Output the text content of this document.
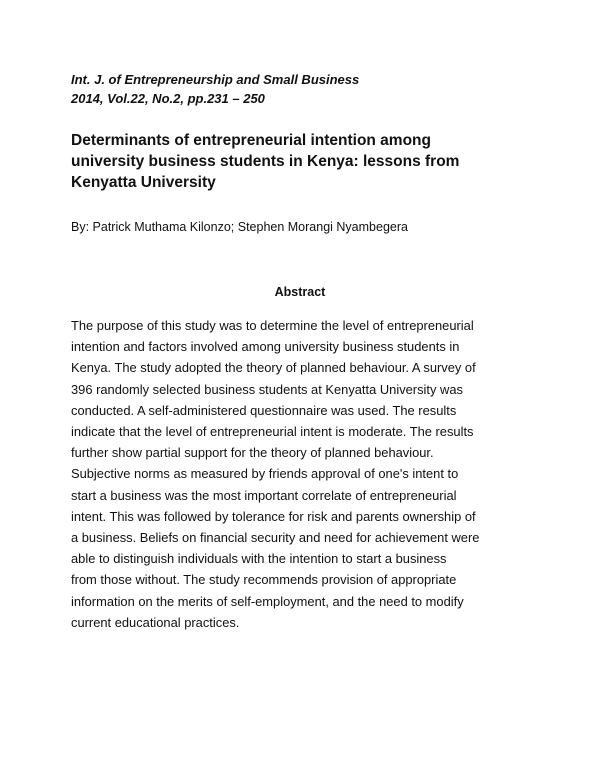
Int. J. of Entrepreneurship and Small Business
2014, Vol.22, No.2, pp.231 – 250
Determinants of entrepreneurial intention among
university business students in Kenya: lessons from
Kenyatta University
By: Patrick Muthama Kilonzo; Stephen Morangi Nyambegera
Abstract
The purpose of this study was to determine the level of entrepreneurial
intention and factors involved among university business students in
Kenya. The study adopted the theory of planned behaviour. A survey of
396 randomly selected business students at Kenyatta University was
conducted. A self-administered questionnaire was used. The results
indicate that the level of entrepreneurial intent is moderate. The results
further show partial support for the theory of planned behaviour.
Subjective norms as measured by friends approval of one's intent to
start a business was the most important correlate of entrepreneurial
intent. This was followed by tolerance for risk and parents ownership of
a business. Beliefs on financial security and need for achievement were
able to distinguish individuals with the intention to start a business
from those without. The study recommends provision of appropriate
information on the merits of self-employment, and the need to modify
current educational practices.
